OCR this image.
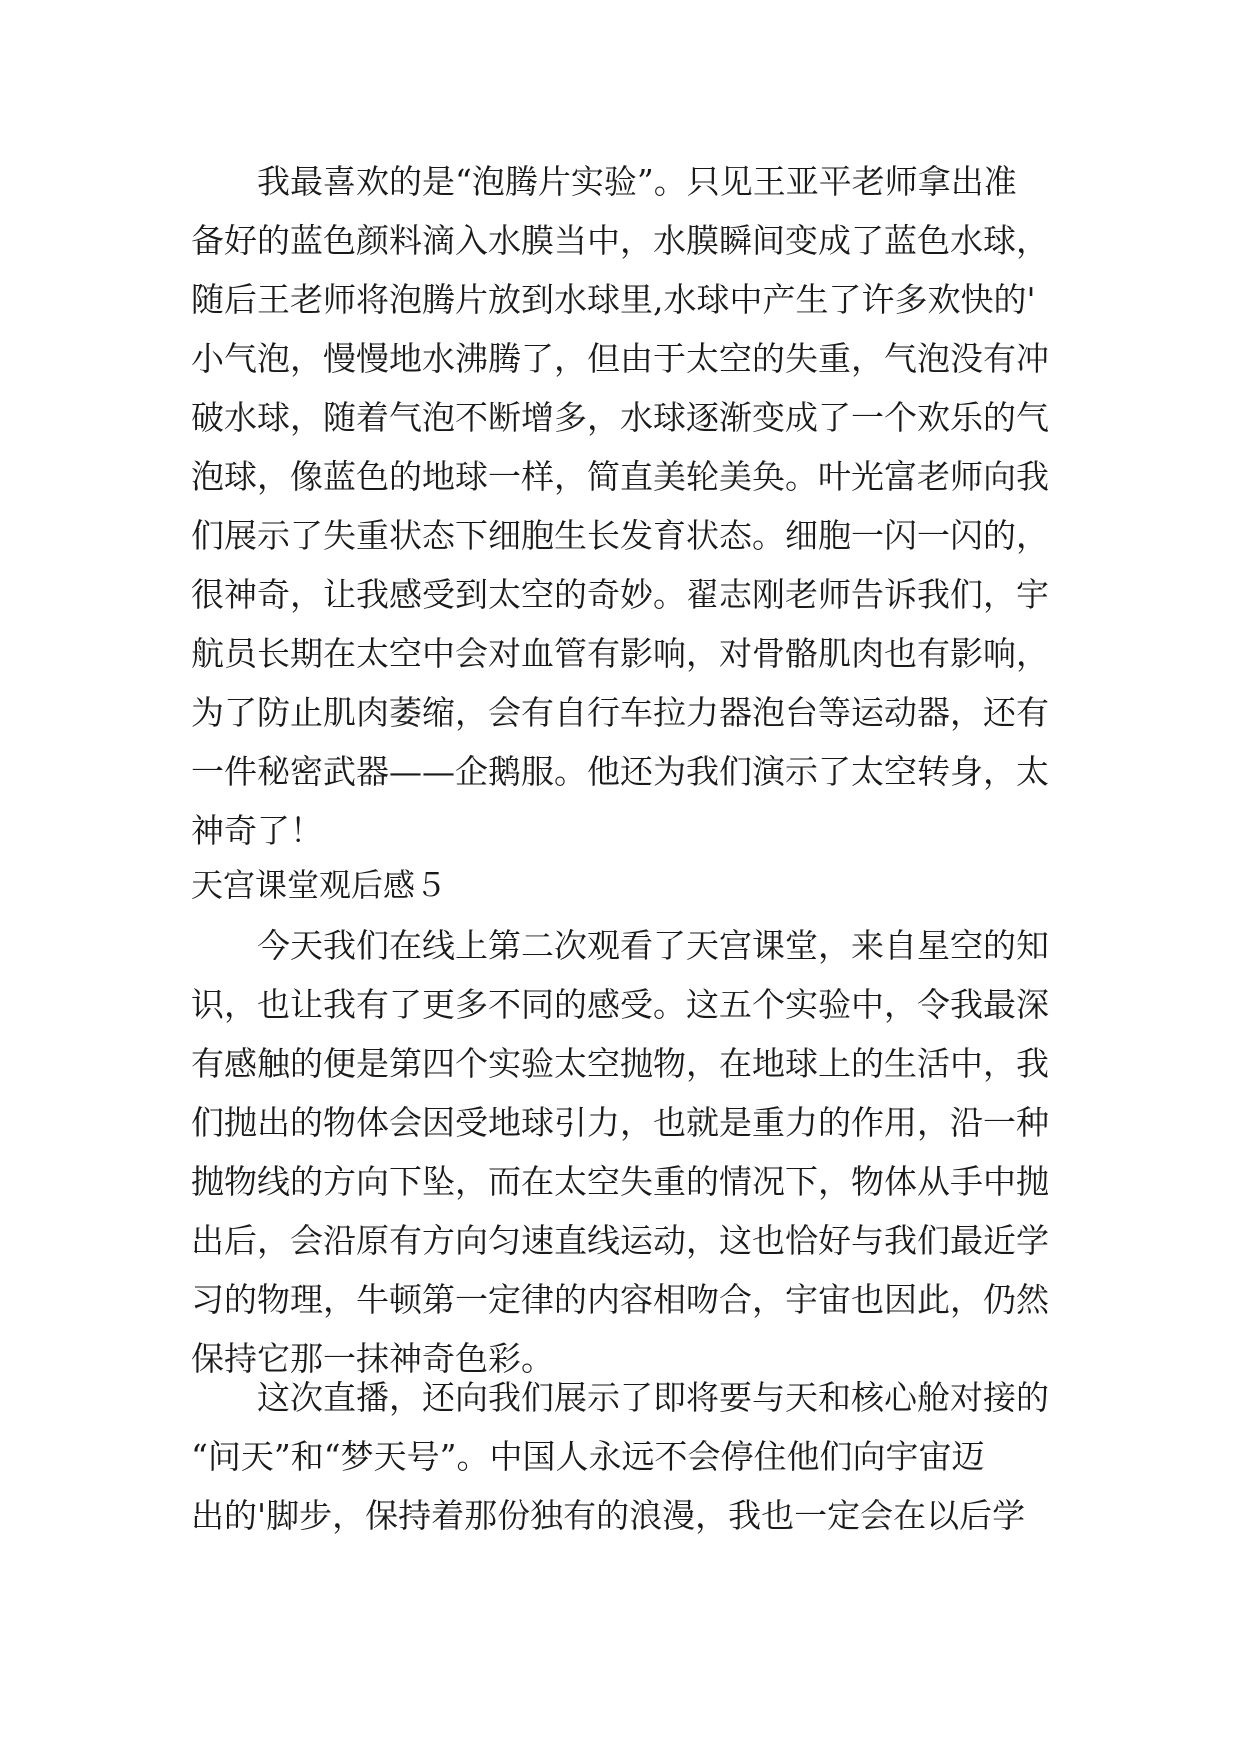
　　我最喜欢的是“泡腾片实验”。只见王亚平老师拿出准
备好的蓝色颜料滴入水膜当中，水膜瞬间变成了蓝色水球，
随后王老师将泡腾片放到水球里,水球中产生了许多欢快的'
小气泡，慢慢地水沸腾了，但由于太空的失重，气泡没有冲
破水球，随着气泡不断增多，水球逐渐变成了一个欢乐的气
泡球，像蓝色的地球一样，简直美轮美奂。叶光富老师向我
们展示了失重状态下细胞生长发育状态。细胞一闪一闪的，
很神奇，让我感受到太空的奇妙。翟志刚老师告诉我们，宇
航员长期在太空中会对血管有影响，对骨骼肌肉也有影响，
为了防止肌肉萎缩，会有自行车拉力器泡台等运动器，还有
一件秘密武器——企鹅服。他还为我们演示了太空转身，太
神奇了！
天宫课堂观后感５
　　今天我们在线上第二次观看了天宫课堂，来自星空的知
识，也让我有了更多不同的感受。这五个实验中，令我最深
有感触的便是第四个实验太空抛物，在地球上的生活中，我
们抛出的物体会因受地球引力，也就是重力的作用，沿一种
抛物线的方向下坠，而在太空失重的情况下，物体从手中抛
出后，会沿原有方向匀速直线运动，这也恰好与我们最近学
习的物理，牛顿第一定律的内容相吻合，宇宙也因此，仍然
保持它那一抹神奇色彩。
　　这次直播，还向我们展示了即将要与天和核心舱对接的
“问天”和“梦天号”。中国人永远不会停住他们向宇宙迈
出的'脚步，保持着那份独有的浪漫，我也一定会在以后学
